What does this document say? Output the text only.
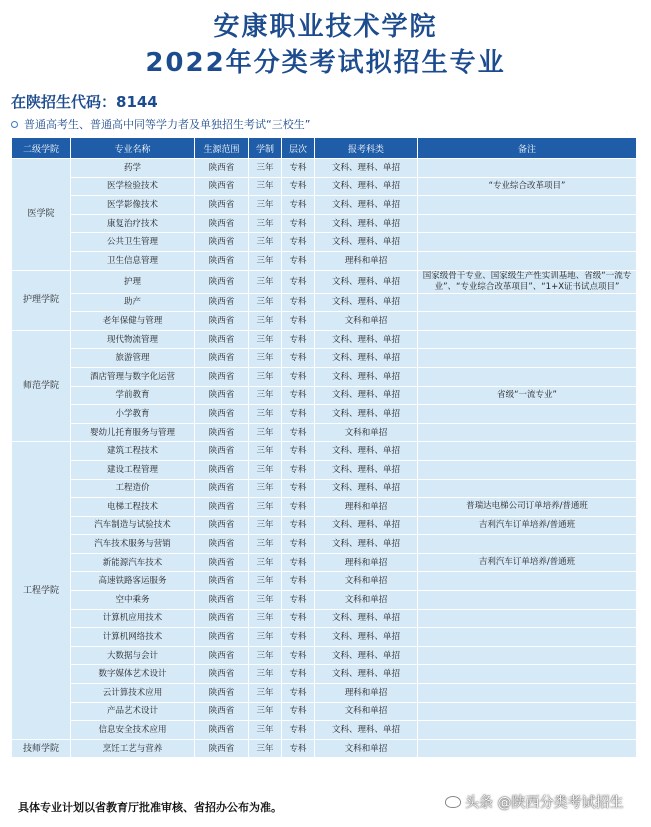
安康职业技术学院
2022年分类考试拟招生专业
在陕招生代码：8144
普通高考生、普通高中同等学力者及单独招生考试“三校生”
二级学院	专业名称	生源范围	学制	层次	报考科类	备注
医学院	药学	陕西省	三年	专科	文科、理科、单招	
	医学检验技术	陕西省	三年	专科	文科、理科、单招	“专业综合改革项目”
	医学影像技术	陕西省	三年	专科	文科、理科、单招	
	康复治疗技术	陕西省	三年	专科	文科、理科、单招	
	公共卫生管理	陕西省	三年	专科	文科、理科、单招	
	卫生信息管理	陕西省	三年	专科	理科和单招	
护理学院	护理	陕西省	三年	专科	文科、理科、单招	国家级骨干专业、国家级生产性实训基地、省级“一流专业”、“专业综合改革项目”、“1+X证书试点项目”
	助产	陕西省	三年	专科	文科、理科、单招	
	老年保健与管理	陕西省	三年	专科	文科和单招	
师范学院	现代物流管理	陕西省	三年	专科	文科、理科、单招	
	旅游管理	陕西省	三年	专科	文科、理科、单招	
	酒店管理与数字化运营	陕西省	三年	专科	文科、理科、单招	
	学前教育	陕西省	三年	专科	文科、理科、单招	省级“一流专业”
	小学教育	陕西省	三年	专科	文科、理科、单招	
	婴幼儿托育服务与管理	陕西省	三年	专科	文科和单招	
工程学院	建筑工程技术	陕西省	三年	专科	文科、理科、单招	
	建设工程管理	陕西省	三年	专科	文科、理科、单招	
	工程造价	陕西省	三年	专科	文科、理科、单招	
	电梯工程技术	陕西省	三年	专科	理科和单招	普瑞达电梯公司订单培养/普通班
	汽车制造与试验技术	陕西省	三年	专科	文科、理科、单招	吉利汽车订单培养/普通班
	汽车技术服务与营销	陕西省	三年	专科	文科、理科、单招	
	新能源汽车技术	陕西省	三年	专科	理科和单招	吉利汽车订单培养/普通班
	高速铁路客运服务	陕西省	三年	专科	文科和单招	
	空中乘务	陕西省	三年	专科	文科和单招	
	计算机应用技术	陕西省	三年	专科	文科、理科、单招	
	计算机网络技术	陕西省	三年	专科	文科、理科、单招	
	大数据与会计	陕西省	三年	专科	文科、理科、单招	
	数字媒体艺术设计	陕西省	三年	专科	文科、理科、单招	
	云计算技术应用	陕西省	三年	专科	理科和单招	
	产品艺术设计	陕西省	三年	专科	文科和单招	
	信息安全技术应用	陕西省	三年	专科	文科、理科、单招	
技师学院	烹饪工艺与营养	陕西省	三年	专科	文科和单招	
具体专业计划以省教育厅批准审核、省招办公布为准。	头条 @陕西分类考试招生
